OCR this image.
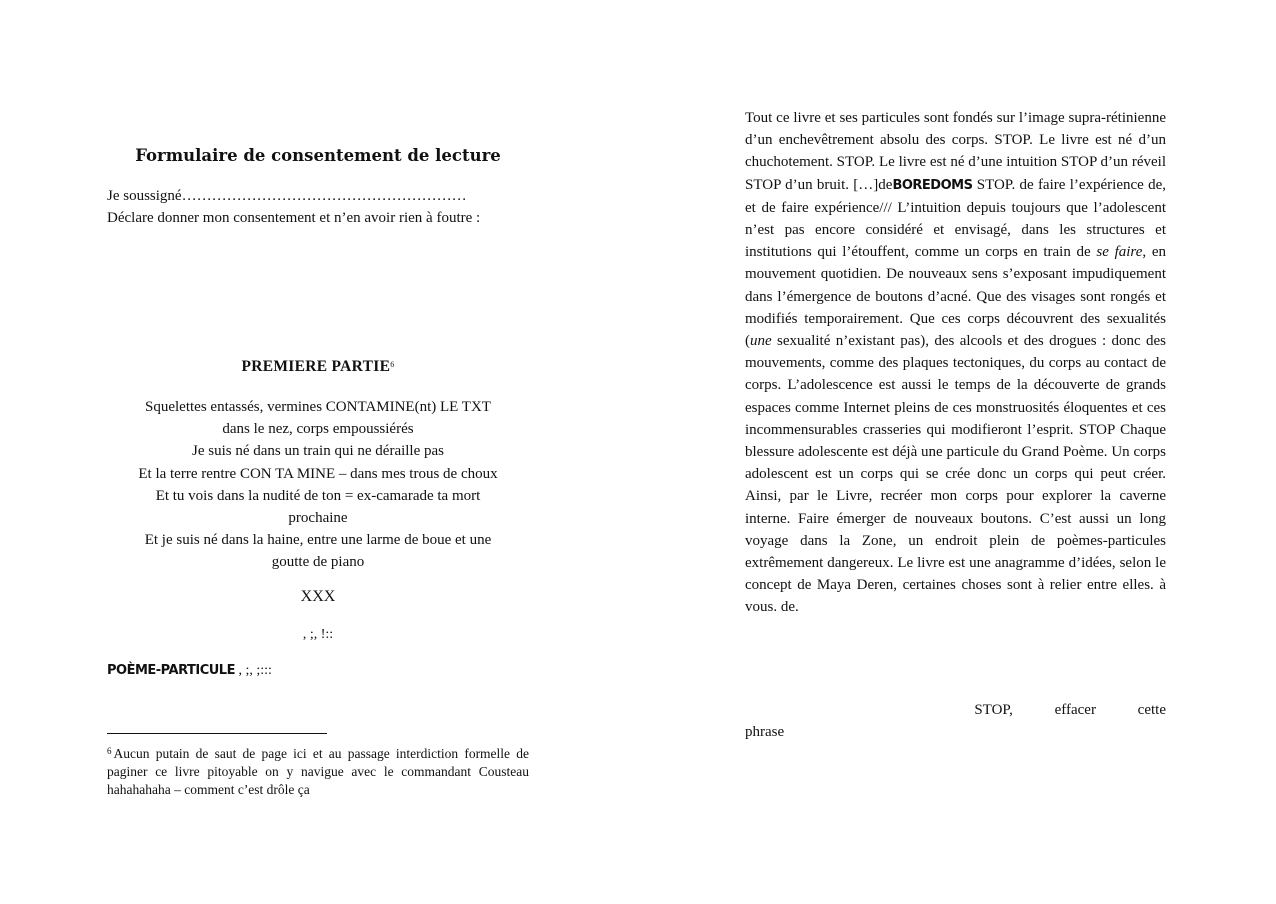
Formulaire de consentement de lecture
Je soussigné…………………………………………………
Déclare donner mon consentement et n’en avoir rien à foutre :
PREMIERE PARTIE$^6$
Squelettes entassés, vermines CONTAMINE(nt) LE TXT
dans le nez, corps empoussiérés
Je suis né dans un train qui ne déraille pas
Et la terre rentre CON TA MINE – dans mes trous de choux
Et tu vois dans la nudité de ton = ex-camarade ta mort
prochaine
Et je suis né dans la haine, entre une larme de boue et une
goutte de piano
XXX
, ;, !::
POÈME-PARTICULE , ;, ;:::
$^6$ Aucun putain de saut de page ici et au passage interdiction formelle de paginer ce livre pitoyable on y navigue avec le commandant Cousteau hahahahaha – comment c’est drôle ça
Tout ce livre et ses particules sont fondés sur l’image supra-rétinienne d’un enchevêtrement absolu des corps. STOP. Le livre est né d’un chuchotement. STOP. Le livre est né d’une intuition STOP d’un réveil STOP d’un bruit. […]deBOREDOMS STOP. de faire l’expérience de, et de faire expérience/// L’intuition depuis toujours que l’adolescent n’est pas encore considéré et envisagé, dans les structures et institutions qui l’étouffent, comme un corps en train de se faire, en mouvement quotidien. De nouveaux sens s’exposant impudiquement dans l’émergence de boutons d’acné. Que des visages sont rongés et modifiés temporairement. Que ces corps découvrent des sexualités (une sexualité n’existant pas), des alcools et des drogues : donc des mouvements, comme des plaques tectoniques, du corps au contact de corps. L’adolescence est aussi le temps de la découverte de grands espaces comme Internet pleins de ces monstruosités éloquentes et ces incommensurables crasseries qui modifieront l’esprit. STOP Chaque blessure adolescente est déjà une particule du Grand Poème. Un corps adolescent est un corps qui se crée donc un corps qui peut créer. Ainsi, par le Livre, recréer mon corps pour explorer la caverne interne. Faire émerger de nouveaux boutons. C’est aussi un long voyage dans la Zone, un endroit plein de poèmes-particules extrêmement dangereux. Le livre est une anagramme d’idées, selon le concept de Maya Deren, certaines choses sont à relier entre elles. à vous. de.
STOP, effacer cette
phrase
